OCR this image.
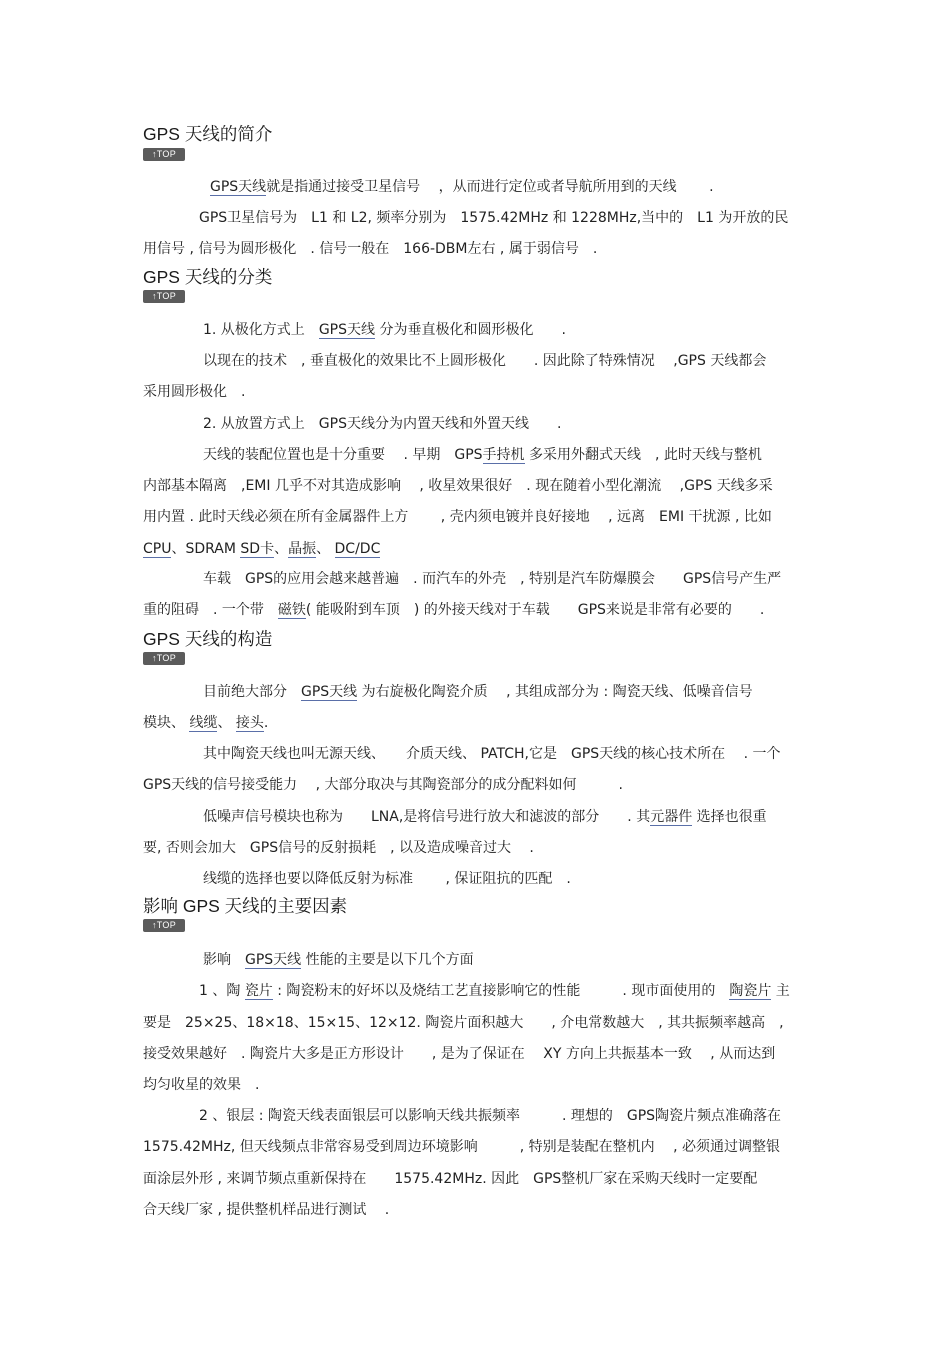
GPS 天线的简介
↑TOP
GPS天线就是指通过接受卫星信号　 ，从而进行定位或者导航所用到的天线　　 .
GPS卫星信号为　L1 和 L2, 频率分别为　1575.42MHz 和 1228MHz,当中的　L1 为开放的民
用信号 , 信号为圆形极化　. 信号一般在　166-DBM左右 , 属于弱信号　.
GPS 天线的分类
↑TOP
1. 从极化方式上　GPS天线 分为垂直极化和圆形极化　　.
以现在的技术　, 垂直极化的效果比不上圆形极化　　. 因此除了特殊情况　 ,GPS 天线都会
采用圆形极化　.
2. 从放置方式上　GPS天线分为内置天线和外置天线　　.
天线的装配位置也是十分重要　 . 早期　GPS手持机 多采用外翻式天线　, 此时天线与整机
内部基本隔离　,EMI 几乎不对其造成影响　 , 收星效果很好　. 现在随着小型化潮流　 ,GPS 天线多采
用内置 . 此时天线必须在所有金属器件上方　　 , 壳内须电镀并良好接地　 , 远离　EMI 干扰源 , 比如
CPU、SDRAM SD卡、晶振、 DC/DC
车载　GPS的应用会越来越普遍　. 而汽车的外壳　, 特别是汽车防爆膜会　　GPS信号产生严
重的阻碍　. 一个带　磁铁( 能吸附到车顶　) 的外接天线对于车载　　GPS来说是非常有必要的　　.
GPS 天线的构造
↑TOP
目前绝大部分　GPS天线 为右旋极化陶瓷介质　 , 其组成部分为 : 陶瓷天线、低噪音信号
模块、 线缆、 接头.
其中陶瓷天线也叫无源天线、　　介质天线、 PATCH,它是　GPS天线的核心技术所在　 . 一个
GPS天线的信号接受能力　 , 大部分取决与其陶瓷部分的成分配料如何　　　.
低噪声信号模块也称为　　LNA,是将信号进行放大和滤波的部分　　. 其元器件 选择也很重
要, 否则会加大　GPS信号的反射损耗　, 以及造成噪音过大　 .
线缆的选择也要以降低反射为标准　　 , 保证阻抗的匹配　.
影响 GPS 天线的主要因素
↑TOP
影响　GPS天线 性能的主要是以下几个方面
1 、陶 瓷片 : 陶瓷粉末的好坏以及烧结工艺直接影响它的性能　　　. 现市面使用的　陶瓷片 主
要是　25×25、18×18、15×15、12×12. 陶瓷片面积越大　　, 介电常数越大　, 其共振频率越高　,
接受效果越好　. 陶瓷片大多是正方形设计　　, 是为了保证在　 XY 方向上共振基本一致　 , 从而达到
均匀收星的效果　.
2 、银层 : 陶瓷天线表面银层可以影响天线共振频率　　　. 理想的　GPS陶瓷片频点准确落在
1575.42MHz, 但天线频点非常容易受到周边环境影响　　　, 特别是装配在整机内　 , 必须通过调整银
面涂层外形 , 来调节频点重新保持在　　1575.42MHz. 因此　GPS整机厂家在采购天线时一定要配
合天线厂家 , 提供整机样品进行测试　 .
